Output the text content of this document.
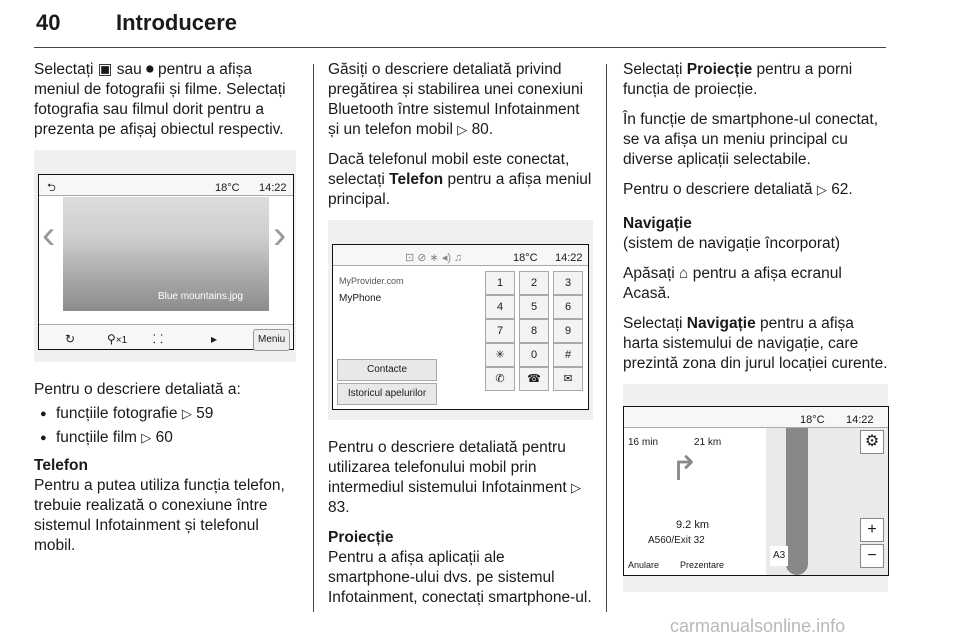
40	Introducere

Selectați ▣ sau ⏺ pentru a afișa meniul de fotografii și filme. Selectați fotografia sau filmul dorit pentru a prezenta pe afișaj obiectul respectiv.

⮌	18°C 14:22
‹
Blue mountains.jpg
›
↻	⚲×1 ⸬	▸	Meniu

Pentru o descriere detaliată a:

● funcțiile fotografie ▷ 59
● funcțiile film ▷ 60

Telefon

Pentru a putea utiliza funcția telefon, trebuie realizată o conexiune între sistemul Infotainment și telefonul mobil.

Găsiți o descriere detaliată privind pregătirea și stabilirea unei conexiuni Bluetooth între sistemul Infotainment și un telefon mobil ▷ 80.

Dacă telefonul mobil este conectat, selectați Telefon pentru a afișa meniul principal.

⊡ ⊘ ∗ ◂) ♫	18°C 14:22
MyProvider.com
MyPhone
Contacte
Istoricul apelurilor
1	2	3
4	5	6
7	8	9
✳	0	#
✆	☎	✉

Pentru o descriere detaliată pentru utilizarea telefonului mobil prin intermediul sistemului Infotainment ▷ 83.

Proiecție

Pentru a afișa aplicații ale smartphone-ului dvs. pe sistemul Infotainment, conectați smartphone-ul.

Selectați Proiecție pentru a porni funcția de proiecție.

În funcție de smartphone-ul conectat, se va afișa un meniu principal cu diverse aplicații selectabile.

Pentru o descriere detaliată ▷ 62.

Navigație

(sistem de navigație încorporat)

Apăsați ⌂ pentru a afișa ecranul Acasă.

Selectați Navigație pentru a afișa harta sistemului de navigație, care prezintă zona din jurul locației curente.

18°C 14:22
16 min	21 km
↱
9.2 km
A560/Exit 32
Anulare Prezentare
⚙
+
−
A3
carmanualsonline.info
